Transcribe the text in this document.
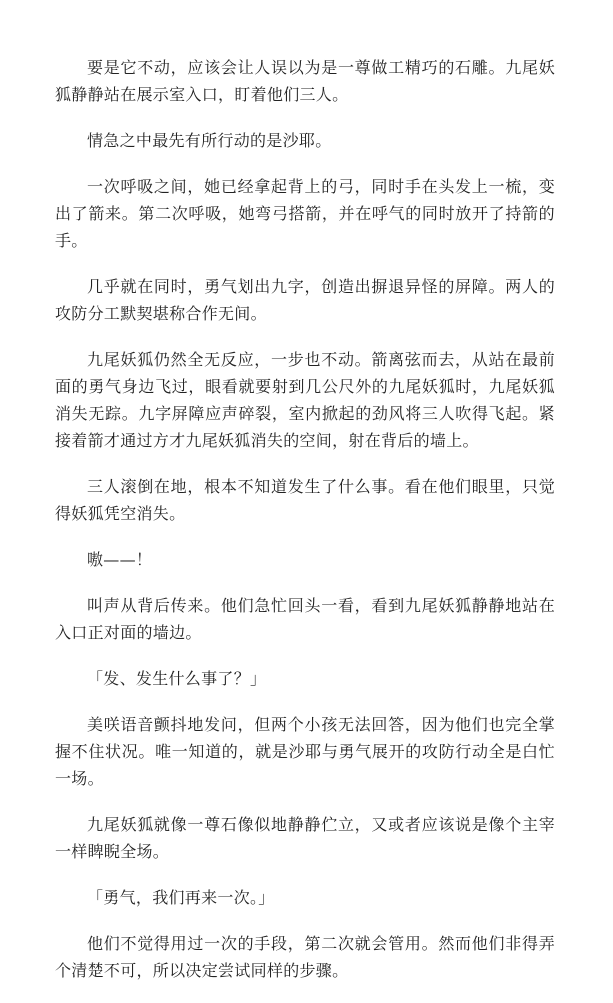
要是它不动，应该会让人误以为是一尊做工精巧的石雕。九尾妖狐静静站在展示室入口，盯着他们三人。

情急之中最先有所行动的是沙耶。

一次呼吸之间，她已经拿起背上的弓，同时手在头发上一梳，变出了箭来。第二次呼吸，她弯弓搭箭，并在呼气的同时放开了持箭的手。

几乎就在同时，勇气划出九字，创造出摒退异怪的屏障。两人的攻防分工默契堪称合作无间。

九尾妖狐仍然全无反应，一步也不动。箭离弦而去，从站在最前面的勇气身边飞过，眼看就要射到几公尺外的九尾妖狐时，九尾妖狐消失无踪。九字屏障应声碎裂，室内掀起的劲风将三人吹得飞起。紧接着箭才通过方才九尾妖狐消失的空间，射在背后的墙上。

三人滚倒在地，根本不知道发生了什么事。看在他们眼里，只觉得妖狐凭空消失。

嗷——！

叫声从背后传来。他们急忙回头一看，看到九尾妖狐静静地站在入口正对面的墙边。

「发、发生什么事了？」

美咲语音颤抖地发问，但两个小孩无法回答，因为他们也完全掌握不住状况。唯一知道的，就是沙耶与勇气展开的攻防行动全是白忙一场。

九尾妖狐就像一尊石像似地静静伫立，又或者应该说是像个主宰一样睥睨全场。

「勇气，我们再来一次。」

他们不觉得用过一次的手段，第二次就会管用。然而他们非得弄个清楚不可，所以决定尝试同样的步骤。
